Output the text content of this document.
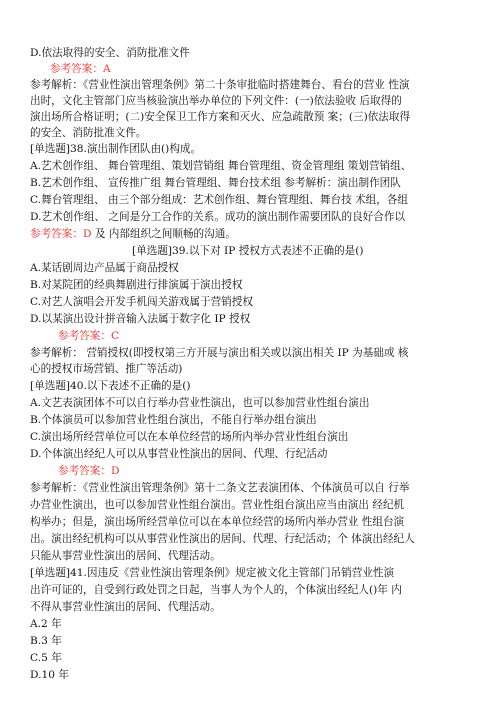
D.依法取得的安全、消防批准文件

参考答案：A

参考解析：《营业性演出管理条例》第二十条审批临时搭建舞台、看台的营业 性演

出时，文化主管部门应当核验演出举办单位的下列文件：(一)依法验收 后取得的

演出场所合格证明；(二)安全保卫工作方案和灭火、应急疏散预 案；(三)依法取得

的安全、消防批准文件。

[单选题]38.演出制作团队由()构成。

A.艺术创作组、 舞台管理组、策划营销组 舞台管理组、资金管理组 策划营销组、

B.艺术创作组、 宣传推广组 舞台管理组、舞台技术组 参考解析：演出制作团队

C.舞台管理组、 由三个部分组成：艺术创作组、舞台管理组、舞台技 术组，各组

D.艺术创作组、 之间是分工合作的关系。成功的演出制作需要团队的良好合作以

参考答案：D 及 内部组织之间顺畅的沟通。

[单选题]39.以下对 IP 授权方式表述不正确的是()

A.某话剧周边产品属于商品授权

B.对某院团的经典舞剧进行排演属于演出授权

C.对艺人演唱会开发手机闯关游戏属于营销授权

D.以某演出设计拼音输入法属于数字化 IP 授权

参考答案：C

参考解析： 营销授权(即授权第三方开展与演出相关或以演出相关 IP 为基础或 核

心的授权市场营销、推广等活动)

[单选题]40.以下表述不正确的是()

A.文艺表演团体不可以自行举办营业性演出，也可以参加营业性组台演出

B.个体演员可以参加营业性组台演出，不能自行举办组台演出

C.演出场所经营单位可以在本单位经营的场所内举办营业性组台演出

D.个体演出经纪人可以从事营业性演出的居间、代理、行纪活动

参考答案：D

参考解析：《营业性演出管理条例》第十二条文艺表演团体、个体演员可以自 行举

办营业性演出，也可以参加营业性组台演出。营业性组台演出应当由演出 经纪机

构举办；但是，演出场所经营单位可以在本单位经营的场所内举办营业 性组台演

出。演出经纪机构可以从事营业性演出的居间、代理、行纪活动；个 体演出经纪人

只能从事营业性演出的居间、代理活动。

[单选题]41.因违反《营业性演出管理条例》规定被文化主管部门吊销营业性演

出许可证的，自受到行政处罚之日起，当事人为个人的，个体演出经纪人()年 内

不得从事营业性演出的居间、代理活动。

A.2 年

B.3 年

C.5 年

D.10 年
